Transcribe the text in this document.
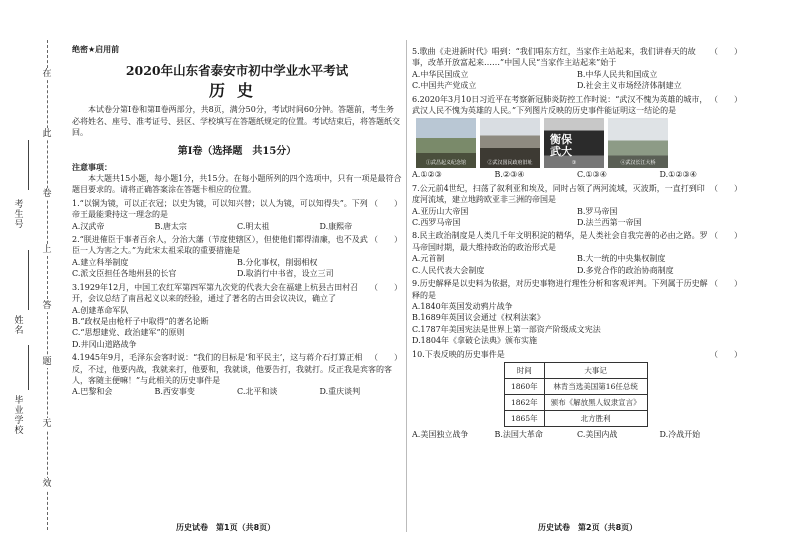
在
此
卷
上
答
题
无
效
考生号
姓名
毕业学校
绝密★启用前
2020年山东省泰安市初中学业水平考试
历史
本试卷分第Ⅰ卷和第Ⅱ卷两部分，共8页，满分50分，考试时间60分钟。答题前，考生务必将姓名、座号、准考证号、县区、学校填写在答题纸规定的位置。考试结束后，将答题纸交回。
第Ⅰ卷（选择题　共15分）
注意事项：
本大题共15小题，每小题1分，共15分。在每小题所列的四个选项中，只有一项是最符合题目要求的。请将正确答案涂在答题卡相应的位置。
（　　）
1.“以铜为镜，可以正衣冠；以史为镜，可以知兴替；以人为镜，可以知得失”。下列帝王最能秉持这一理念的是
A.汉武帝	B.唐太宗	C.明太祖	D.康熙帝
（　　）
2.“朕进傕臣于事者百余人，分治大藩（节度使辖区），但使他们都得清廉，也不及武臣一人为害之大。”为此宋太祖采取的重要措施是
A.建立科举制度	B.分化事权，削弱相权
C.派文臣担任各地州县的长官	D.取消行中书省，设立三司
（　　）
3.1929年12月，中国工农红军第四军第九次党的代表大会在福建上杭县古田村召开，会议总结了南昌起义以来的经验，通过了著名的古田会议决议，确立了
A.创建革命军队
B.“政权是由枪杆子中取得”的著名论断
C.“思想建党、政治建军”的原则
D.井冈山道路战争
（　　）
4.1945年9月，毛泽东会客时说：“我们的目标是‘和平民主’，这与蒋介石打算正相反，不过，他要内战，我就来打，他要和，我就谈，他要告打，我就打。反正我是宾客的客人，客随主便嘛！”与此相关的历史事件是
A.巴黎和会	B.西安事变	C.北平和谈	D.重庆谈判
（　　）
5.歌曲《走进新时代》唱到：“我们唱东方红，当家作主站起来，我们讲春天的故事，改革开放富起来……”中国人民“当家作主站起来”始于
A.中华民国成立	B.中华人民共和国成立
C.中国共产党成立	D.社会主义市场经济体制建立
（　　）
6.2020年3月10日习近平在考察新冠肺炎防控工作时说：“武汉不愧为英雄的城市，武汉人民不愧为英雄的人民。”下列图片反映的历史事件能证明这一结论的是
①武昌起义纪念馆	②武汉国民政府旧址
衡保
武大
③	④武汉长江大桥
A.①②③	B.②③④	C.①③④	D.①②③④
（　　）
7.公元前4世纪，扫荡了叙利亚和埃及，同时占领了两河流域，灭波斯，一直打到印度河流域，建立地跨欧亚非三洲的帝国是
A.亚历山大帝国	B.罗马帝国
C.西罗马帝国	D.法兰西第一帝国
（　　）
8.民主政治制度是人类几千年文明积淀的精华，是人类社会自我完善的必由之路。罗马帝国时期，最大维持政治的政治形式是
A.元首制	B.大一统的中央集权制度
C.人民代表大会制度	D.多党合作的政治协商制度
（　　）
9.历史解释是以史料为依据，对历史事物进行理性分析和客观评判。下列属于历史解释的是
A.1840年英国发动鸦片战争
B.1689年英国议会通过《权利法案》
C.1787年美国宪法是世界上第一部资产阶级成文宪法
D.1804年《拿破仑法典》颁布实施
（　　）
10.下表反映的历史事件是
时间	大事记
1860年	林肯当选美国第16任总统
1862年	颁布《解放黑人奴隶宣言》
1865年	北方胜利
A.美国独立战争	B.法国大革命	C.美国内战	D.冷战开始
历史试卷　第1页（共8页）	历史试卷　第2页（共8页）
